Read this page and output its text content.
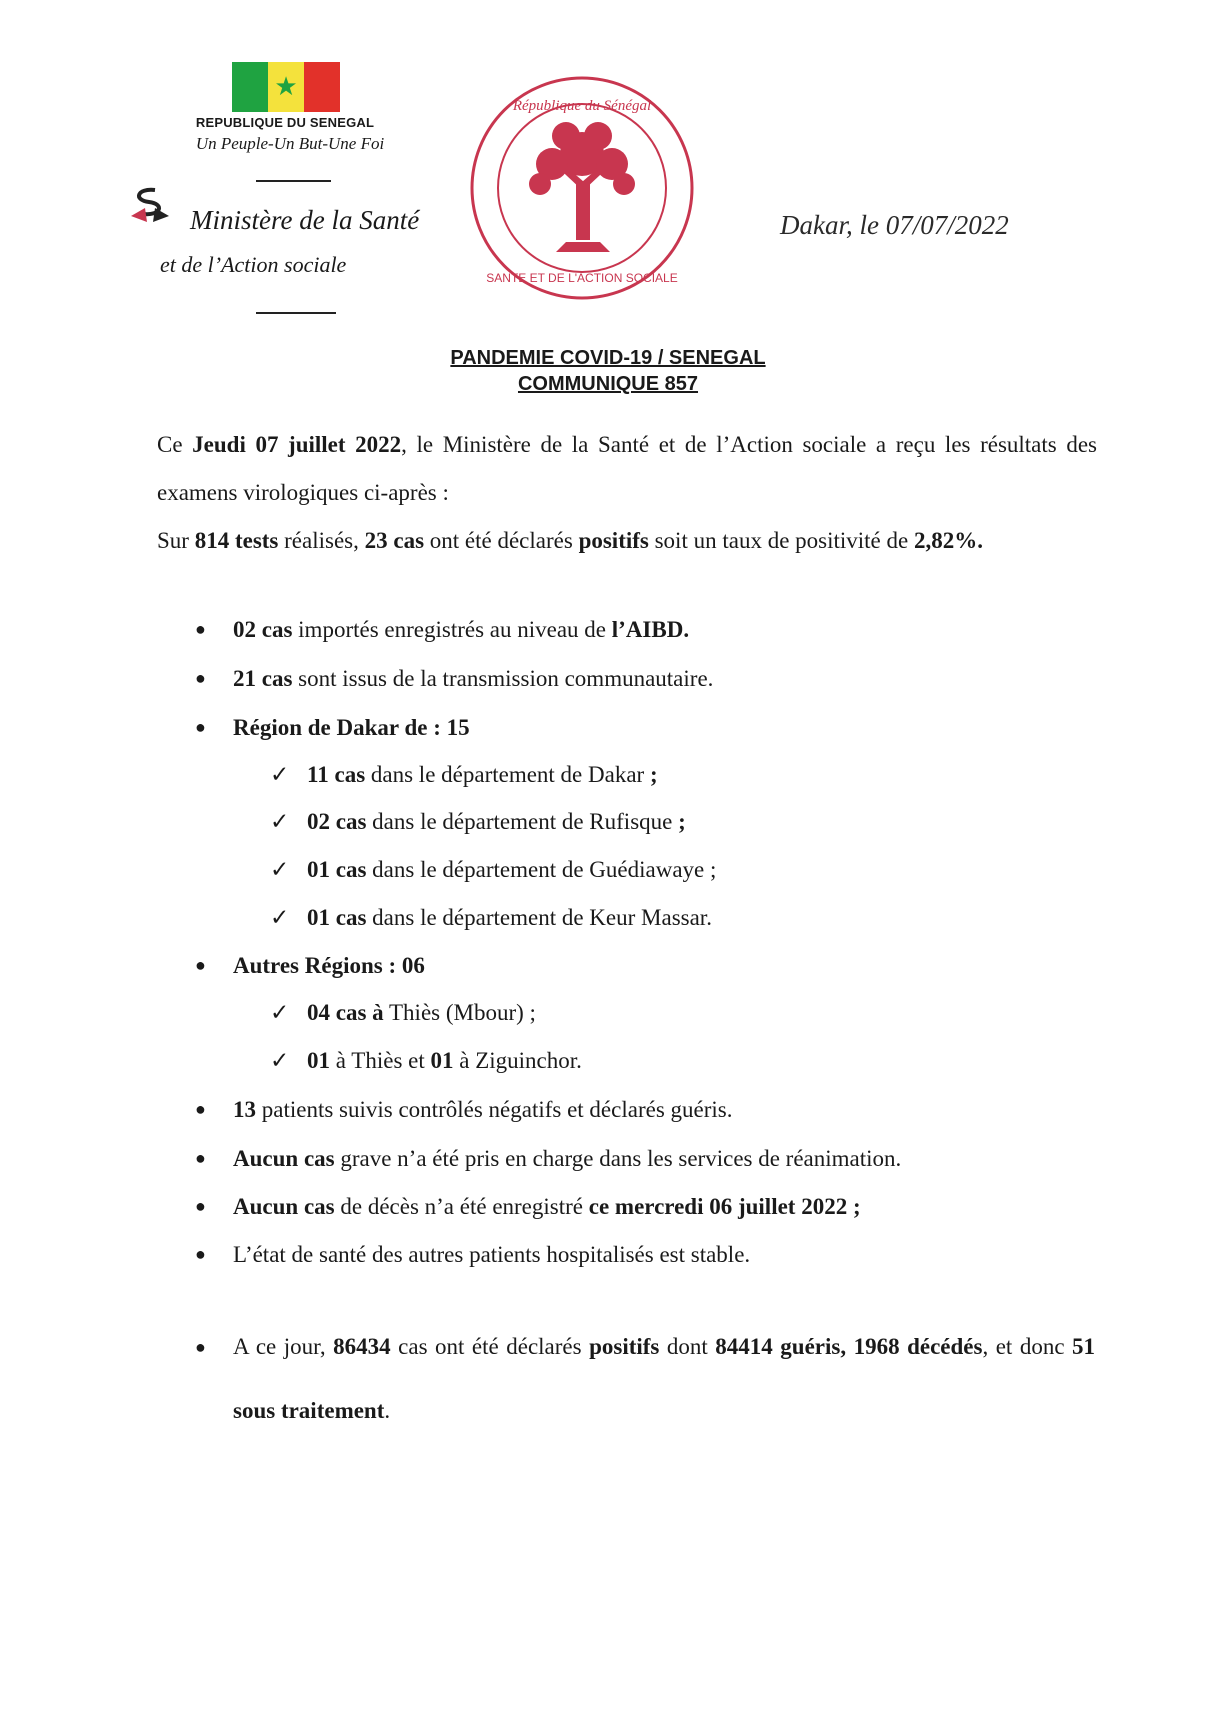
★
REPUBLIQUE DU SENEGAL
Un Peuple-Un But-Une Foi
Ministère de la Santé
et de l’Action sociale
République du Sénégal
SANTE ET DE L'ACTION SOCIALE
Dakar, le 07/07/2022
PANDEMIE COVID-19 / SENEGAL
COMMUNIQUE 857

Ce Jeudi 07 juillet 2022, le Ministère de la Santé et de l’Action sociale a reçu les résultats des examens virologiques ci-après :

Sur 814 tests réalisés, 23 cas ont été déclarés positifs soit un taux de positivité de 2,82%.

● 02 cas importés enregistrés au niveau de l’AIBD.
● 21 cas sont issus de la transmission communautaire.
● Région de Dakar de : 15
✓ 11 cas dans le département de Dakar ;
✓ 02 cas dans le département de Rufisque ;
✓ 01 cas dans le département de Guédiawaye ;
✓ 01 cas dans le département de Keur Massar.
● Autres Régions : 06
✓ 04 cas à Thiès (Mbour) ;
✓ 01 à Thiès et 01 à Ziguinchor.
● 13 patients suivis contrôlés négatifs et déclarés guéris.
● Aucun cas grave n’a été pris en charge dans les services de réanimation.
● Aucun cas de décès n’a été enregistré ce mercredi 06 juillet 2022 ;
● L’état de santé des autres patients hospitalisés est stable.
● A ce jour, 86434 cas ont été déclarés positifs dont 84414 guéris, 1968 décédés, et donc 51 sous traitement.
